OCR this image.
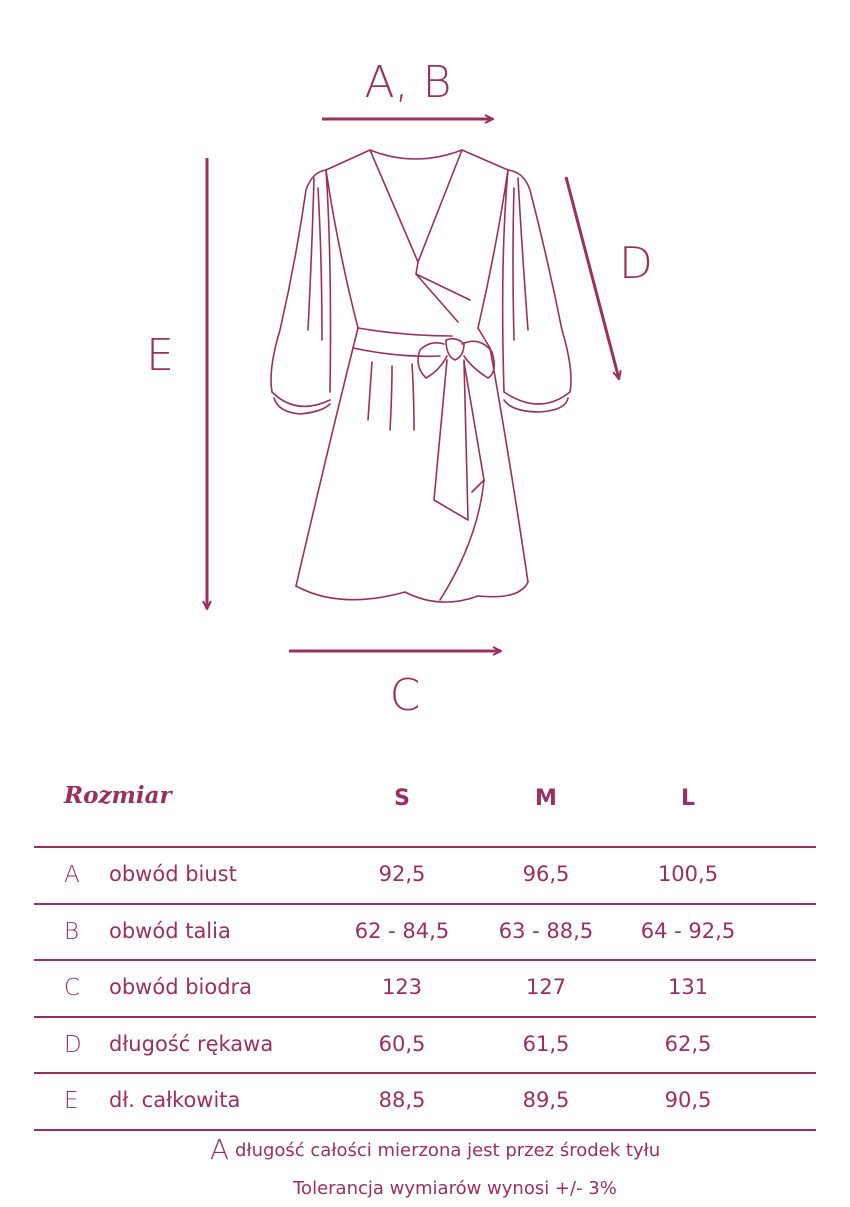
A, B
E
D
C
Rozmiar	S	M	L
A	obwód biust	92,5	96,5	100,5
B	obwód talia	62 - 84,5	63 - 88,5	64 - 92,5
C	obwód biodra	123	127	131
D	długość rękawa	60,5	61,5	62,5
E	dł. całkowita	88,5	89,5	90,5
Adługość całości mierzona jest przez środek tyłu
Tolerancja wymiarów wynosi +/- 3%
